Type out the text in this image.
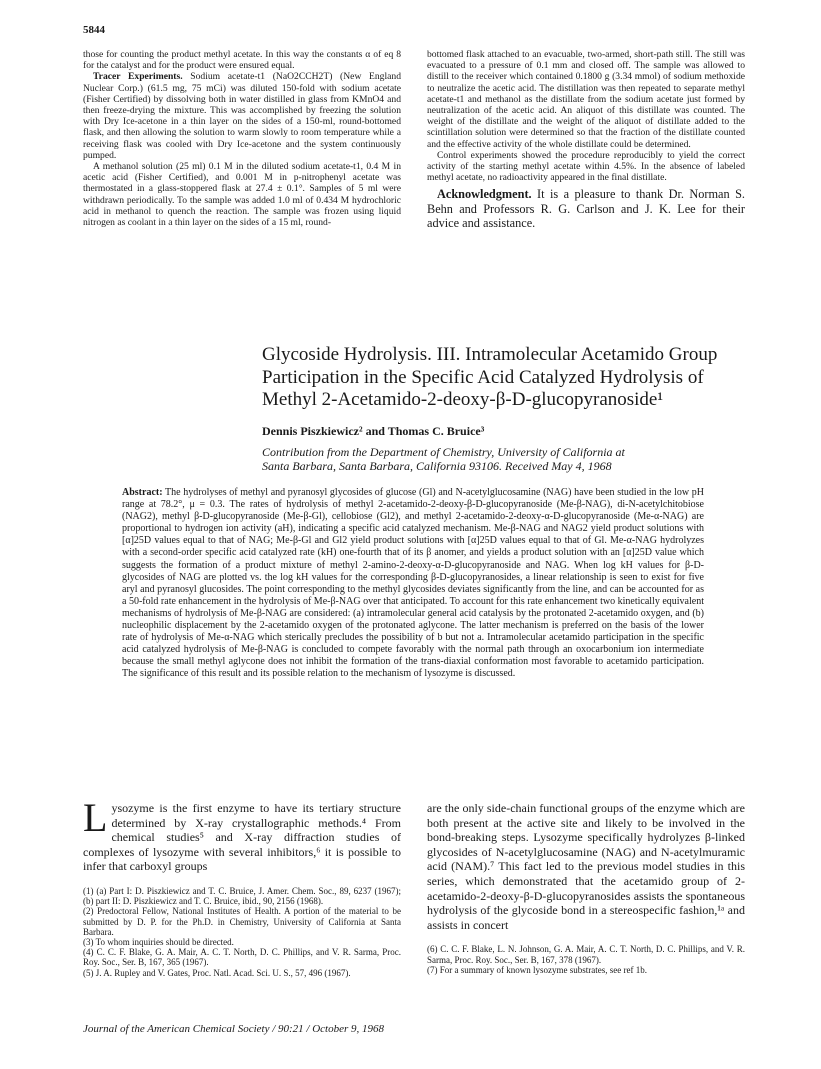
5844

those for counting the product methyl acetate. In this way the constants α of eq 8 for the catalyst and for the product were ensured equal.

Tracer Experiments. Sodium acetate-t1 (NaO2CCH2T) (New England Nuclear Corp.) (61.5 mg, 75 mCi) was diluted 150-fold with sodium acetate (Fisher Certified) by dissolving both in water distilled in glass from KMnO4 and then freeze-drying the mixture. This was accomplished by freezing the solution with Dry Ice-acetone in a thin layer on the sides of a 150-ml, round-bottomed flask, and then allowing the solution to warm slowly to room temperature while a receiving flask was cooled with Dry Ice-acetone and the system continuously pumped.

A methanol solution (25 ml) 0.1 M in the diluted sodium acetate-t1, 0.4 M in acetic acid (Fisher Certified), and 0.001 M in p-nitrophenyl acetate was thermostated in a glass-stoppered flask at 27.4 ± 0.1°. Samples of 5 ml were withdrawn periodically. To the sample was added 1.0 ml of 0.434 M hydrochloric acid in methanol to quench the reaction. The sample was frozen using liquid nitrogen as coolant in a thin layer on the sides of a 15 ml, round-

bottomed flask attached to an evacuable, two-armed, short-path still. The still was evacuated to a pressure of 0.1 mm and closed off. The sample was allowed to distill to the receiver which contained 0.1800 g (3.34 mmol) of sodium methoxide to neutralize the acetic acid. The distillation was then repeated to separate methyl acetate-t1 and methanol as the distillate from the sodium acetate just formed by neutralization of the acetic acid. An aliquot of this distillate was counted. The weight of the distillate and the weight of the aliquot of distillate added to the scintillation solution were determined so that the fraction of the distillate counted and the effective activity of the whole distillate could be determined.

Control experiments showed the procedure reproducibly to yield the correct activity of the starting methyl acetate within 4.5%. In the absence of labeled methyl acetate, no radioactivity appeared in the final distillate.

Acknowledgment. It is a pleasure to thank Dr. Norman S. Behn and Professors R. G. Carlson and J. K. Lee for their advice and assistance.

Glycoside Hydrolysis. III. Intramolecular Acetamido Group
Participation in the Specific Acid Catalyzed Hydrolysis of
Methyl 2-Acetamido-2-deoxy-β-D-glucopyranoside¹

Dennis Piszkiewicz² and Thomas C. Bruice³

Contribution from the Department of Chemistry, University of California at
Santa Barbara, Santa Barbara, California 93106. Received May 4, 1968

Abstract: The hydrolyses of methyl and pyranosyl glycosides of glucose (Gl) and N-acetylglucosamine (NAG) have been studied in the low pH range at 78.2°, μ = 0.3. The rates of hydrolysis of methyl 2-acetamido-2-deoxy-β-D-glucopyranoside (Me-β-NAG), di-N-acetylchitobiose (NAG2), methyl β-D-glucopyranoside (Me-β-Gl), cellobiose (Gl2), and methyl 2-acetamido-2-deoxy-α-D-glucopyranoside (Me-α-NAG) are proportional to hydrogen ion activity (aH), indicating a specific acid catalyzed mechanism. Me-β-NAG and NAG2 yield product solutions with [α]25D values equal to that of NAG; Me-β-Gl and Gl2 yield product solutions with [α]25D values equal to that of Gl. Me-α-NAG hydrolyzes with a second-order specific acid catalyzed rate (kH) one-fourth that of its β anomer, and yields a product solution with an [α]25D value which suggests the formation of a product mixture of methyl 2-amino-2-deoxy-α-D-glucopyranoside and NAG. When log kH values for β-D-glycosides of NAG are plotted vs. the log kH values for the corresponding β-D-glucopyranosides, a linear relationship is seen to exist for five aryl and pyranosyl glucosides. The point corresponding to the methyl glycosides deviates significantly from the line, and can be accounted for as a 50-fold rate enhancement in the hydrolysis of Me-β-NAG over that anticipated. To account for this rate enhancement two kinetically equivalent mechanisms of hydrolysis of Me-β-NAG are considered: (a) intramolecular general acid catalysis by the protonated 2-acetamido oxygen, and (b) nucleophilic displacement by the 2-acetamido oxygen of the protonated aglycone. The latter mechanism is preferred on the basis of the lower rate of hydrolysis of Me-α-NAG which sterically precludes the possibility of b but not a. Intramolecular acetamido participation in the specific acid catalyzed hydrolysis of Me-β-NAG is concluded to compete favorably with the normal path through an oxocarbonium ion intermediate because the small methyl aglycone does not inhibit the formation of the trans-diaxial conformation most favorable to acetamido participation. The significance of this result and its possible relation to the mechanism of lysozyme is discussed.

Lysozyme is the first enzyme to have its tertiary structure determined by X-ray crystallographic methods.⁴ From chemical studies⁵ and X-ray diffraction studies of complexes of lysozyme with several inhibitors,⁶ it is possible to infer that carboxyl groups

(1) (a) Part I: D. Piszkiewicz and T. C. Bruice, J. Amer. Chem. Soc., 89, 6237 (1967); (b) part II: D. Piszkiewicz and T. C. Bruice, ibid., 90, 2156 (1968).

(2) Predoctoral Fellow, National Institutes of Health. A portion of the material to be submitted by D. P. for the Ph.D. in Chemistry, University of California at Santa Barbara.

(3) To whom inquiries should be directed.

(4) C. C. F. Blake, G. A. Mair, A. C. T. North, D. C. Phillips, and V. R. Sarma, Proc. Roy. Soc., Ser. B, 167, 365 (1967).

(5) J. A. Rupley and V. Gates, Proc. Natl. Acad. Sci. U. S., 57, 496 (1967).

are the only side-chain functional groups of the enzyme which are both present at the active site and likely to be involved in the bond-breaking steps. Lysozyme specifically hydrolyzes β-linked glycosides of N-acetylglucosamine (NAG) and N-acetylmuramic acid (NAM).⁷ This fact led to the previous model studies in this series, which demonstrated that the acetamido group of 2-acetamido-2-deoxy-β-D-glucopyranosides assists the spontaneous hydrolysis of the glycoside bond in a stereospecific fashion,¹ᵃ and assists in concert

(6) C. C. F. Blake, L. N. Johnson, G. A. Mair, A. C. T. North, D. C. Phillips, and V. R. Sarma, Proc. Roy. Soc., Ser. B, 167, 378 (1967).

(7) For a summary of known lysozyme substrates, see ref 1b.

Journal of the American Chemical Society / 90:21 / October 9, 1968
